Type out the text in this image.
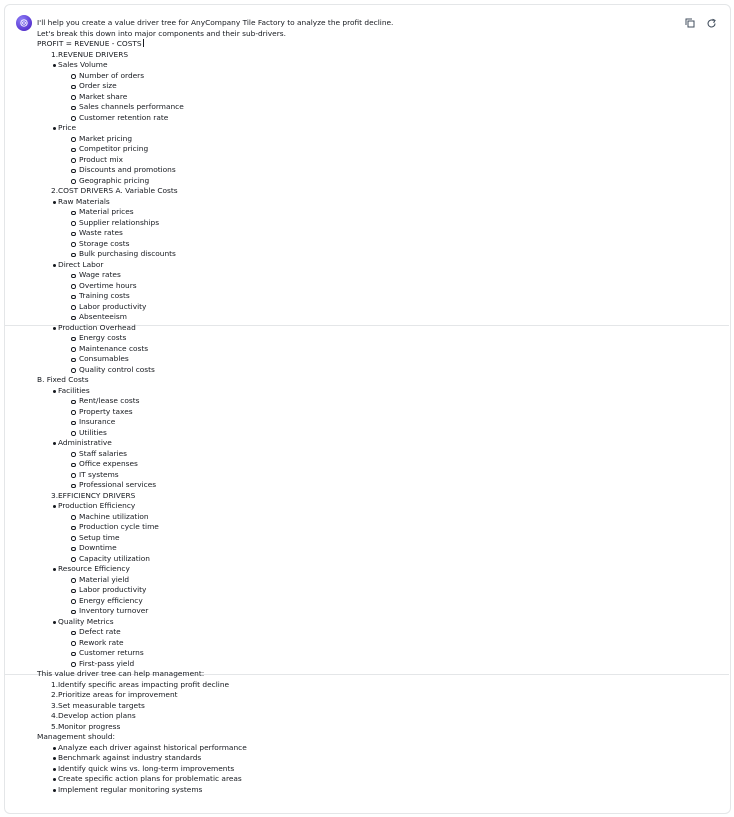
I'll help you create a value driver tree for AnyCompany Tile Factory to analyze the profit decline. Let's break this down into major components and their sub-drivers.
PROFIT = REVENUE - COSTS
1. REVENUE DRIVERS
Sales Volume
Number of orders
Order size
Market share
Sales channels performance
Customer retention rate
Price
Market pricing
Competitor pricing
Product mix
Discounts and promotions
Geographic pricing
2. COST DRIVERS A. Variable Costs
Raw Materials
Material prices
Supplier relationships
Waste rates
Storage costs
Bulk purchasing discounts
Direct Labor
Wage rates
Overtime hours
Training costs
Labor productivity
Absenteeism
Production Overhead
Energy costs
Maintenance costs
Consumables
Quality control costs
B. Fixed Costs
Facilities
Rent/lease costs
Property taxes
Insurance
Utilities
Administrative
Staff salaries
Office expenses
IT systems
Professional services
3. EFFICIENCY DRIVERS
Production Efficiency
Machine utilization
Production cycle time
Setup time
Downtime
Capacity utilization
Resource Efficiency
Material yield
Labor productivity
Energy efficiency
Inventory turnover
Quality Metrics
Defect rate
Rework rate
Customer returns
First-pass yield
This value driver tree can help management:
1. Identify specific areas impacting profit decline
2. Prioritize areas for improvement
3. Set measurable targets
4. Develop action plans
5. Monitor progress
Management should:
Analyze each driver against historical performance
Benchmark against industry standards
Identify quick wins vs. long-term improvements
Create specific action plans for problematic areas
Implement regular monitoring systems
